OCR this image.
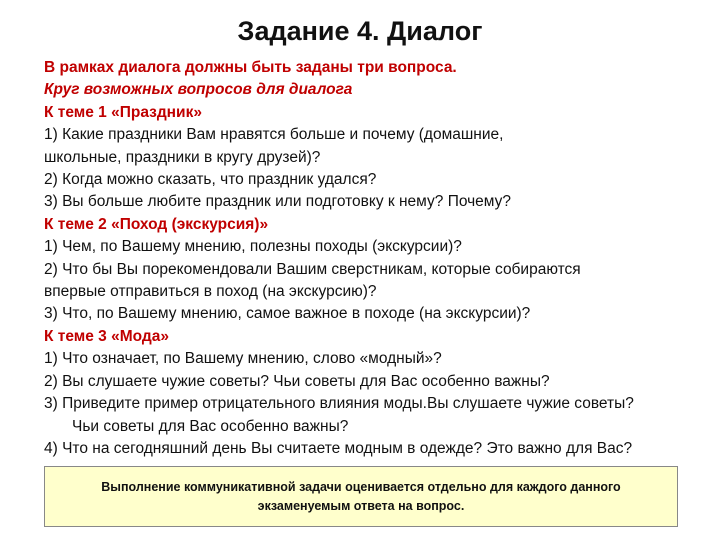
Задание 4. Диалог
В рамках диалога должны быть заданы три вопроса.
Круг возможных вопросов для диалога
К теме 1 «Праздник»
1) Какие праздники Вам нравятся больше и почему (домашние,
школьные, праздники в кругу друзей)?
2) Когда можно сказать, что праздник удался?
3) Вы больше любите праздник или подготовку к нему? Почему?
К теме 2 «Поход (экскурсия)»
1) Чем, по Вашему мнению, полезны походы (экскурсии)?
2) Что бы Вы порекомендовали Вашим сверстникам, которые собираются
впервые отправиться в поход (на экскурсию)?
3) Что, по Вашему мнению, самое важное в походе (на экскурсии)?
К теме 3 «Мода»
1) Что означает, по Вашему мнению, слово «модный»?
2) Вы слушаете чужие советы? Чьи советы для Вас особенно важны?
3) Приведите пример отрицательного влияния моды.Вы слушаете чужие советы?
Чьи советы для Вас особенно важны?
4) Что на сегодняшний день Вы считаете модным в одежде? Это важно для Вас?
Выполнение коммуникативной задачи оценивается отдельно для каждого данного экзаменуемым ответа на вопрос.
